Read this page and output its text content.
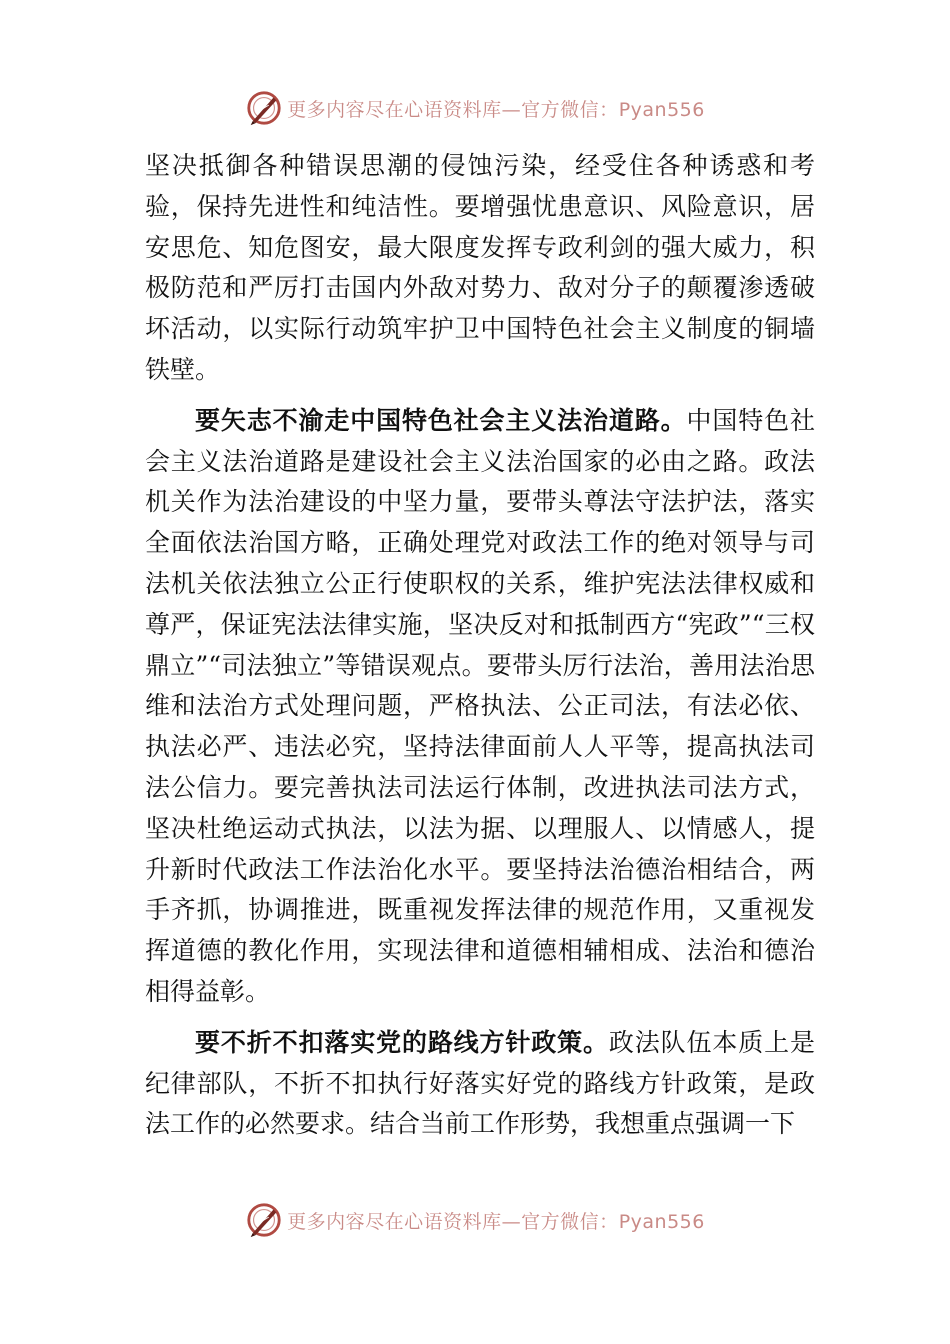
更多内容尽在心语资料库—官方微信：Pyan556

坚决抵御各种错误思潮的侵蚀污染，经受住各种诱惑和考验，保持先进性和纯洁性。要增强忧患意识、风险意识，居安思危、知危图安，最大限度发挥专政利剑的强大威力，积极防范和严厉打击国内外敌对势力、敌对分子的颠覆渗透破坏活动，以实际行动筑牢护卫中国特色社会主义制度的铜墙铁壁。

要矢志不渝走中国特色社会主义法治道路。中国特色社会主义法治道路是建设社会主义法治国家的必由之路。政法机关作为法治建设的中坚力量，要带头尊法守法护法，落实全面依法治国方略，正确处理党对政法工作的绝对领导与司法机关依法独立公正行使职权的关系，维护宪法法律权威和尊严，保证宪法法律实施，坚决反对和抵制西方“宪政”“三权鼎立”“司法独立”等错误观点。要带头厉行法治，善用法治思维和法治方式处理问题，严格执法、公正司法，有法必依、执法必严、违法必究，坚持法律面前人人平等，提高执法司法公信力。要完善执法司法运行体制，改进执法司法方式，坚决杜绝运动式执法，以法为据、以理服人、以情感人，提升新时代政法工作法治化水平。要坚持法治德治相结合，两手齐抓，协调推进，既重视发挥法律的规范作用，又重视发挥道德的教化作用，实现法律和道德相辅相成、法治和德治相得益彰。

要不折不扣落实党的路线方针政策。政法队伍本质上是纪律部队，不折不扣执行好落实好党的路线方针政策，是政法工作的必然要求。结合当前工作形势，我想重点强调一下

更多内容尽在心语资料库—官方微信：Pyan556
